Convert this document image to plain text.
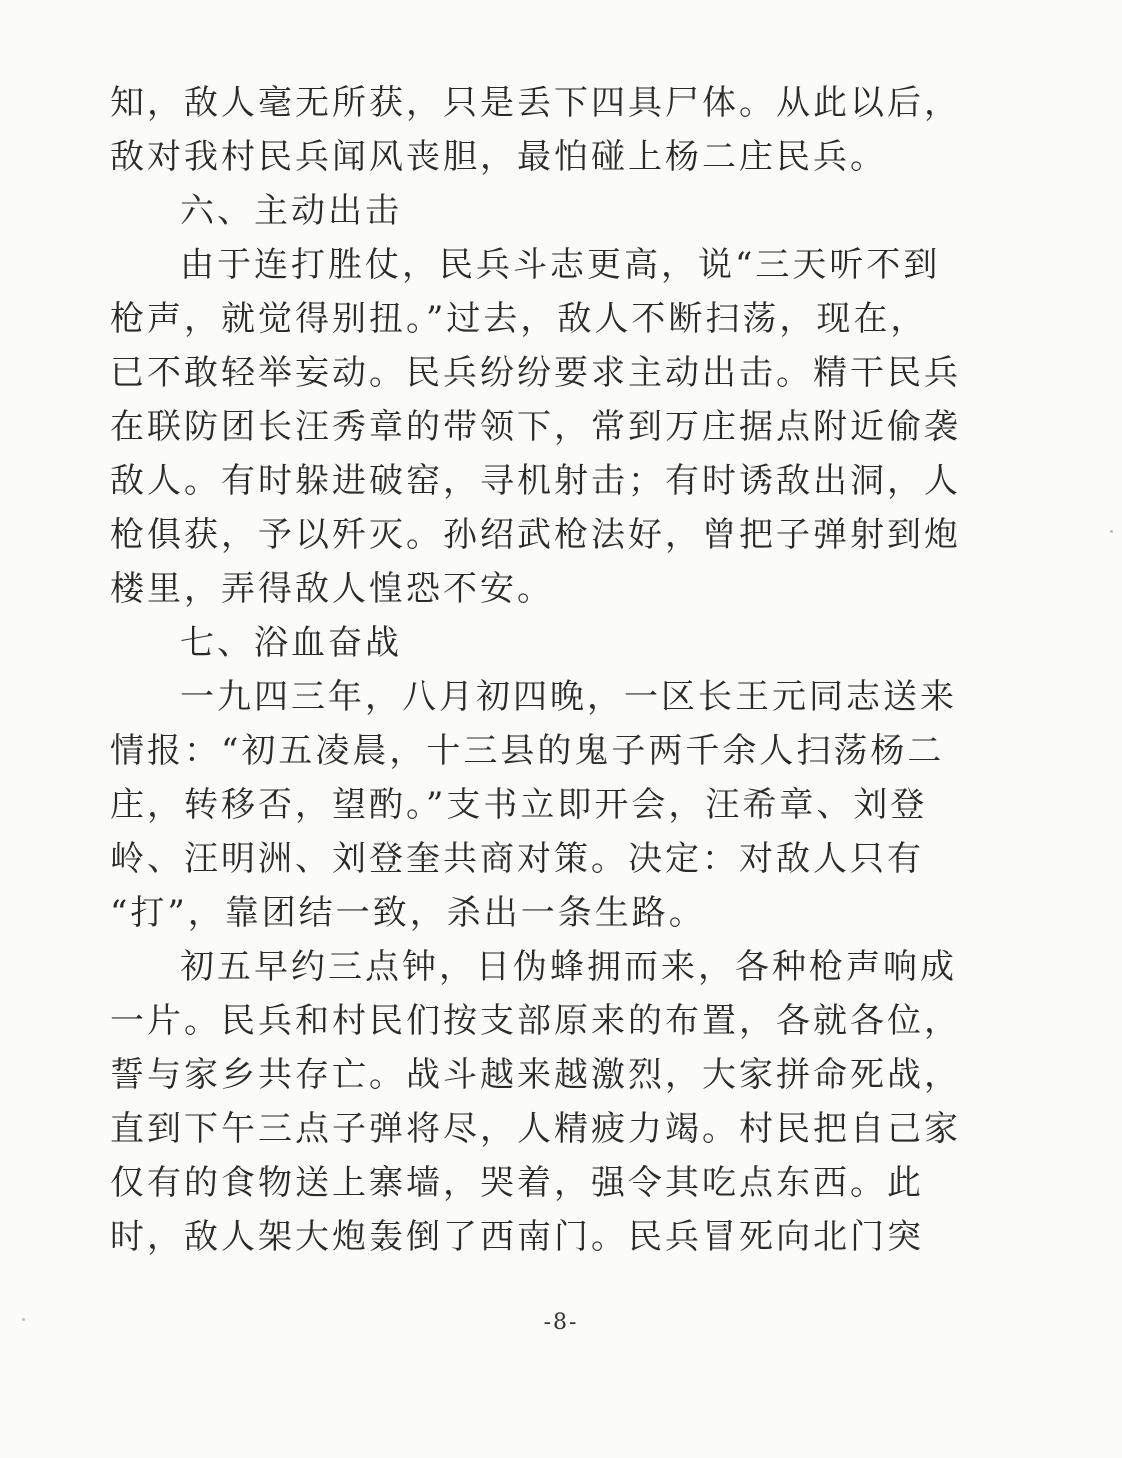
知，敌人毫无所获，只是丢下四具尸体。从此以后，
敌对我村民兵闻风丧胆，最怕碰上杨二庄民兵。
六、主动出击
由于连打胜仗，民兵斗志更高，说“三天听不到
枪声，就觉得别扭。”过去，敌人不断扫荡，现在，
已不敢轻举妄动。民兵纷纷要求主动出击。精干民兵
在联防团长汪秀章的带领下，常到万庄据点附近偷袭
敌人。有时躲进破窑，寻机射击；有时诱敌出洞，人
枪俱获，予以歼灭。孙绍武枪法好，曾把子弹射到炮
楼里，弄得敌人惶恐不安。
七、浴血奋战
一九四三年，八月初四晚，一区长王元同志送来
情报：“初五凌晨，十三县的鬼子两千余人扫荡杨二
庄，转移否，望酌。”支书立即开会，汪希章、刘登
岭、汪明洲、刘登奎共商对策。决定：对敌人只有
“打”，靠团结一致，杀出一条生路。
初五早约三点钟，日伪蜂拥而来，各种枪声响成
一片。民兵和村民们按支部原来的布置，各就各位，
誓与家乡共存亡。战斗越来越激烈，大家拼命死战，
直到下午三点子弹将尽，人精疲力竭。村民把自己家
仅有的食物送上寨墙，哭着，强令其吃点东西。此
时，敌人架大炮轰倒了西南门。民兵冒死向北门突
-8-
